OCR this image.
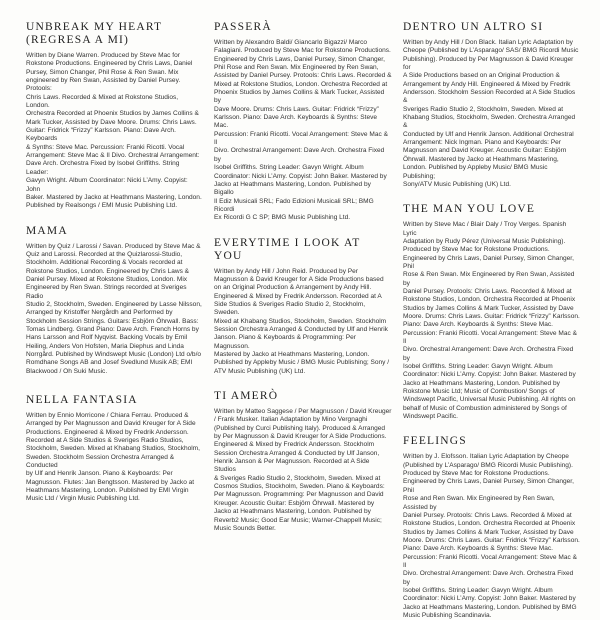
UNBREAK MY HEART
(REGRESA A MI)

Written by Diane Warren. Produced by Steve Mac for
Rokstone Productions. Engineered by Chris Laws, Daniel
Pursey, Simon Changer, Phil Rose & Ren Swan. Mix
engineered by Ren Swan, Assisted by Daniel Pursey. Protools:
Chris Laws. Recorded & Mixed at Rokstone Studios, London.
Orchestra Recorded at Phoenix Studios by James Collins &
Mark Tucker, Assisted by Dave Moore. Drums: Chris Laws.
Guitar: Fridrick “Frizzy” Karlsson. Piano: Dave Arch. Keyboards
& Synths: Steve Mac. Percussion: Franki Ricotti. Vocal
Arrangement: Steve Mac & Il Divo. Orchestral Arrangement:
Dave Arch. Orchestra Fixed by Isobel Griffiths. String Leader:
Gavyn Wright. Album Coordinator: Nicki L’Amy. Copyist: John
Baker. Mastered by Jacko at Heathmans Mastering, London.
Published by Realsongs / EMI Music Publishing Ltd.

MAMA

Written by Quiz / Larossi / Savan. Produced by Steve Mac &
Quiz and Larossi. Recorded at the Quizlarossi-Studio,
Stockholm. Additional Recording & Vocals recorded at
Rokstone Studios, London. Engineered by Chris Laws &
Daniel Pursey. Mixed at Rokstone Studios, London. Mix
Engineered by Ren Swan. Strings recorded at Sveriges Radio
Studio 2, Stockholm, Sweden. Engineered by Lasse Nilsson,
Arranged by Kristoffer Nergårdh and Performed by
Stockholm Session Strings. Guitars: Esbjörn Öhrwall. Bass:
Tomas Lindberg. Grand Piano: Dave Arch. French Horns by
Hans Larsson and Rolf Nyqvist. Backing Vocals by Emil
Heiling, Anders Von Hofsten, Maria Diephus and Linda
Norrgård. Published by Windswept Music (London) Ltd o/b/o
Romdhane Songs AB and Josef Svedlund Musik AB; EMI
Blackwood / Oh Suki Music.

NELLA FANTASIA

Written by Ennio Morricone / Chiara Ferrau. Produced &
Arranged by Per Magnusson and David Kreuger for A Side
Productions. Engineered & Mixed by Fredrik Andersson.
Recorded at A Side Studios & Sveriges Radio Studios,
Stockholm, Sweden. Mixed at Khabang Studios, Stockholm,
Sweden. Stockholm Session Orchestra Arranged & Conducted
by Ulf and Henrik Janson. Piano & Keyboards: Per
Magnusson. Flutes: Jan Bengtsson. Mastered by Jacko at
Heathmans Mastering, London. Published by EMI Virgin
Music Ltd / Virgin Music Publishing Ltd.

PASSERÀ

Written by Alexandro Baldi/ Giancarlo Bigazzi/ Marco
Falagiani. Produced by Steve Mac for Rokstone Productions.
Engineered by Chris Laws, Daniel Pursey, Simon Changer,
Phil Rose and Ren Swan. Mix Engineered by Ren Swan,
Assisted by Daniel Pursey. Protools: Chris Laws. Recorded &
Mixed at Rokstone Studios, London. Orchestra Recorded at
Phoenix Studios by James Collins & Mark Tucker, Assisted by
Dave Moore. Drums: Chris Laws. Guitar: Fridrick “Frizzy”
Karlsson. Piano: Dave Arch. Keyboards & Synths: Steve Mac.
Percussion: Franki Ricotti. Vocal Arrangement: Steve Mac & Il
Divo. Orchestral Arrangement: Dave Arch. Orchestra Fixed by
Isobel Griffiths. String Leader: Gavyn Wright. Album
Coordinator: Nicki L’Amy. Copyist: John Baker. Mastered by
Jacko at Heathmans Mastering, London. Published by Bigallo
Il Ediz Musicali SRL; Fado Edizioni Musicali SRL; BMG Ricordi
Ex Ricordi G C SP; BMG Music Publishing Ltd.

EVERYTIME I LOOK AT YOU

Written by Andy Hill / John Reid. Produced by Per
Magnusson & David Kreuger for A Side Productions based
on an Original Production & Arrangement by Andy Hill.
Engineered & Mixed by Fredrik Andersson. Recorded at A
Side Studios & Sveriges Radio Studio 2, Stockholm, Sweden.
Mixed at Khabang Studios, Stockholm, Sweden. Stockholm
Session Orchestra Arranged & Conducted by Ulf and Henrik
Janson. Piano & Keyboards & Programming: Per Magnusson.
Mastered by Jacko at Heathmans Mastering, London.
Published by Appleby Music / BMG Music Publishing; Sony /
ATV Music Publishing (UK) Ltd.

TI AMERÒ

Written by Matteo Saggese / Per Magnusson / David Kreuger
/ Frank Musker. Italian Adaptation by Mino Vergnaghi
(Published by Curci Publishing Italy). Produced & Arranged
by Per Magnusson & David Kreuger for A Side Productions.
Engineered & Mixed by Fredrick Andersson. Stockholm
Session Orchestra Arranged & Conducted by Ulf Janson,
Henrik Janson & Per Magnusson. Recorded at A Side Studios
& Sveriges Radio Studio 2, Stockholm, Sweden. Mixed at
Cosmos Studios, Stockholm, Sweden. Piano & Keyboards:
Per Magnusson. Programming: Per Magnusson and David
Kreuger. Acoustic Guitar: Esbjörn Öhrwall. Mastered by
Jacko at Heathmans Mastering, London. Published by
Reverb2 Music; Good Ear Music; Warner-Chappell Music;
Music Sounds Better.

DENTRO UN ALTRO SI

Written by Andy Hill / Don Black. Italian Lyric Adaptation by
Cheope (Published by L’Asparago/ SAS/ BMG Ricordi Music
Publishing). Produced by Per Magnusson & David Kreuger for
A Side Productions based on an Original Production &
Arrangement by Andy Hill. Engineered & Mixed by Fredrik
Andersson. Stockholm Session Recorded at A Side Studios &
Sveriges Radio Studio 2, Stockholm, Sweden. Mixed at
Khabang Studios, Stockholm, Sweden. Orchestra Arranged &
Conducted by Ulf and Henrik Janson. Additional Orchestral
Arrangement: Nick Ingman. Piano and Keyboards: Per
Magnusson and David Kreuger. Acoustic Guitar: Esbjörn
Öhrwall. Mastered by Jacko at Heathmans Mastering,
London. Published by Appleby Music/ BMG Music Publishing;
Sony/ATV Music Publishing (UK) Ltd.

THE MAN YOU LOVE

Written by Steve Mac / Blair Daly / Troy Verges. Spanish Lyric
Adaptation by Rudy Pérez (Universal Music Publishing).
Produced by Steve Mac for Rokstone Productions.
Engineered by Chris Laws, Daniel Pursey, Simon Changer, Phil
Rose & Ren Swan. Mix Engineered by Ren Swan, Assisted by
Daniel Pursey. Protools: Chris Laws. Recorded & Mixed at
Rokstone Studios, London. Orchestra Recorded at Phoenix
Studios by James Collins & Mark Tucker, Assisted by Dave
Moore. Drums: Chris Laws. Guitar: Fridrick “Frizzy” Karlsson.
Piano: Dave Arch. Keyboards & Synths: Steve Mac.
Percussion: Franki Ricotti. Vocal Arrangement: Steve Mac & Il
Divo. Orchestral Arrangement: Dave Arch. Orchestra Fixed by
Isobel Griffiths. String Leader: Gavyn Wright. Album
Coordinator: Nicki L’Amy. Copyist: John Baker. Mastered by
Jacko at Heathmans Mastering, London. Published by
Rokstone Music Ltd; Music of Combustion/ Songs of
Windswept Pacific, Universal Music Publishing. All rights on
behalf of Music of Combustion administered by Songs of
Windswept Pacific.

FEELINGS

Written by J. Elofsson. Italian Lyric Adaptation by Cheope
(Published by L’Asparago/ BMG Ricordi Music Publishing).
Produced by Steve Mac for Rokstone Productions.
Engineered by Chris Laws, Daniel Pursey, Simon Changer, Phil
Rose and Ren Swan. Mix Engineered by Ren Swan, Assisted by
Daniel Pursey. Protools: Chris Laws. Recorded & Mixed at
Rokstone Studios, London. Orchestra Recorded at Phoenix
Studios by James Collins & Mark Tucker, Assisted by Dave
Moore. Drums: Chris Laws. Guitar: Fridrick “Frizzy” Karlsson.
Piano: Dave Arch. Keyboards & Synths: Steve Mac.
Percussion: Franki Ricotti. Vocal Arrangement: Steve Mac & Il
Divo. Orchestral Arrangement: Dave Arch. Orchestra Fixed by
Isobel Griffiths. String Leader: Gavyn Wright. Album
Coordinator: Nicki L’Amy. Copyist: John Baker. Mastered by
Jacko at Heathmans Mastering, London. Published by BMG
Music Publishing Scandinavia.
